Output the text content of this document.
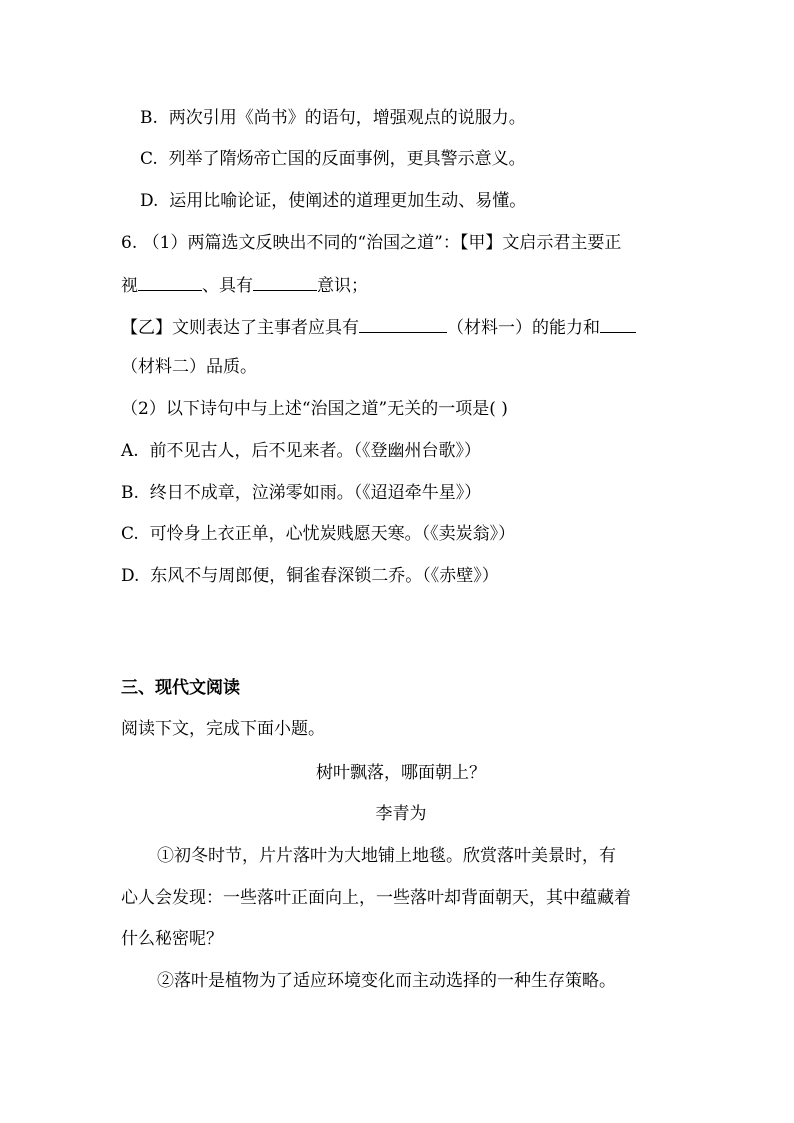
B. 两次引用《尚书》的语句，增强观点的说服力。
C. 列举了隋炀帝亡国的反面事例，更具警示意义。
D. 运用比喻论证，使阐述的道理更加生动、易懂。
6. （1）两篇选文反映出不同的“治国之道”：【甲】文启示君主要正
视	、具有	意识；
【乙】文则表达了主事者应具有	（材料一）的能力和
（材料二）品质。
（2）以下诗句中与上述“治国之道”无关的一项是( )
A. 前不见古人，后不见来者。（《登幽州台歌》）
B. 终日不成章，泣涕零如雨。（《迢迢牵牛星》）
C. 可怜身上衣正单，心忧炭贱愿天寒。（《卖炭翁》）
D. 东风不与周郎便，铜雀春深锁二乔。（《赤壁》）
三、现代文阅读
阅读下文，完成下面小题。
树叶飘落，哪面朝上？
李青为
①初冬时节，片片落叶为大地铺上地毯。欣赏落叶美景时，有
心人会发现：一些落叶正面向上，一些落叶却背面朝天，其中蕴藏着
什么秘密呢？
②落叶是植物为了适应环境变化而主动选择的一种生存策略。
